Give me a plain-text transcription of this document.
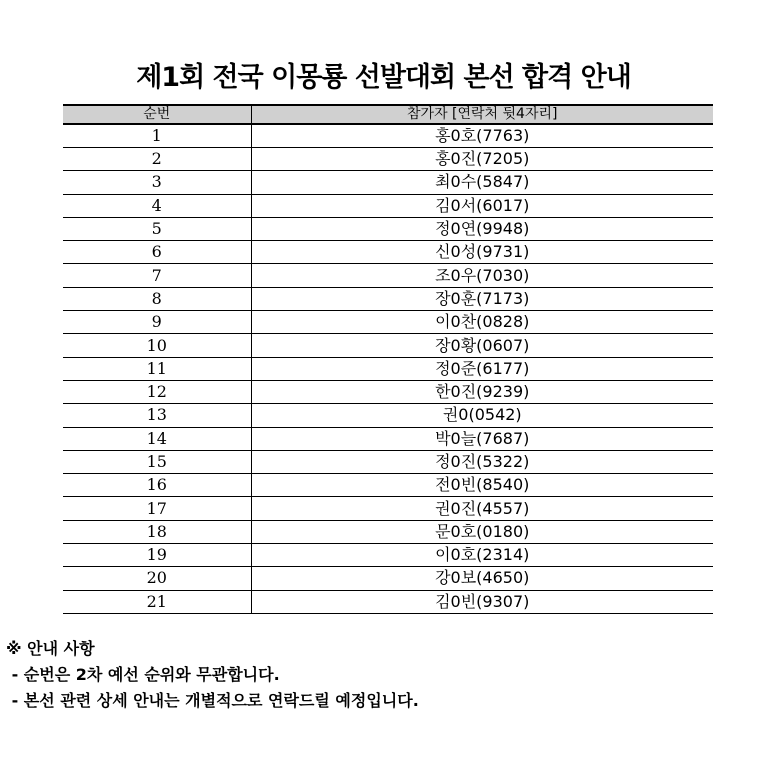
제1회 전국 이몽룡 선발대회 본선 합격 안내
순번	참가자 [연락처 뒷4자리]
1	홍0호(7763)
2	홍0진(7205)
3	최0수(5847)
4	김0서(6017)
5	정0연(9948)
6	신0성(9731)
7	조0우(7030)
8	장0훈(7173)
9	이0찬(0828)
10	장0황(0607)
11	정0준(6177)
12	한0진(9239)
13	권0(0542)
14	박0늘(7687)
15	정0진(5322)
16	전0빈(8540)
17	권0진(4557)
18	문0호(0180)
19	이0호(2314)
20	강0보(4650)
21	김0빈(9307)
※ 안내 사항
- 순번은 2차 예선 순위와 무관합니다.
- 본선 관련 상세 안내는 개별적으로 연락드릴 예정입니다.
